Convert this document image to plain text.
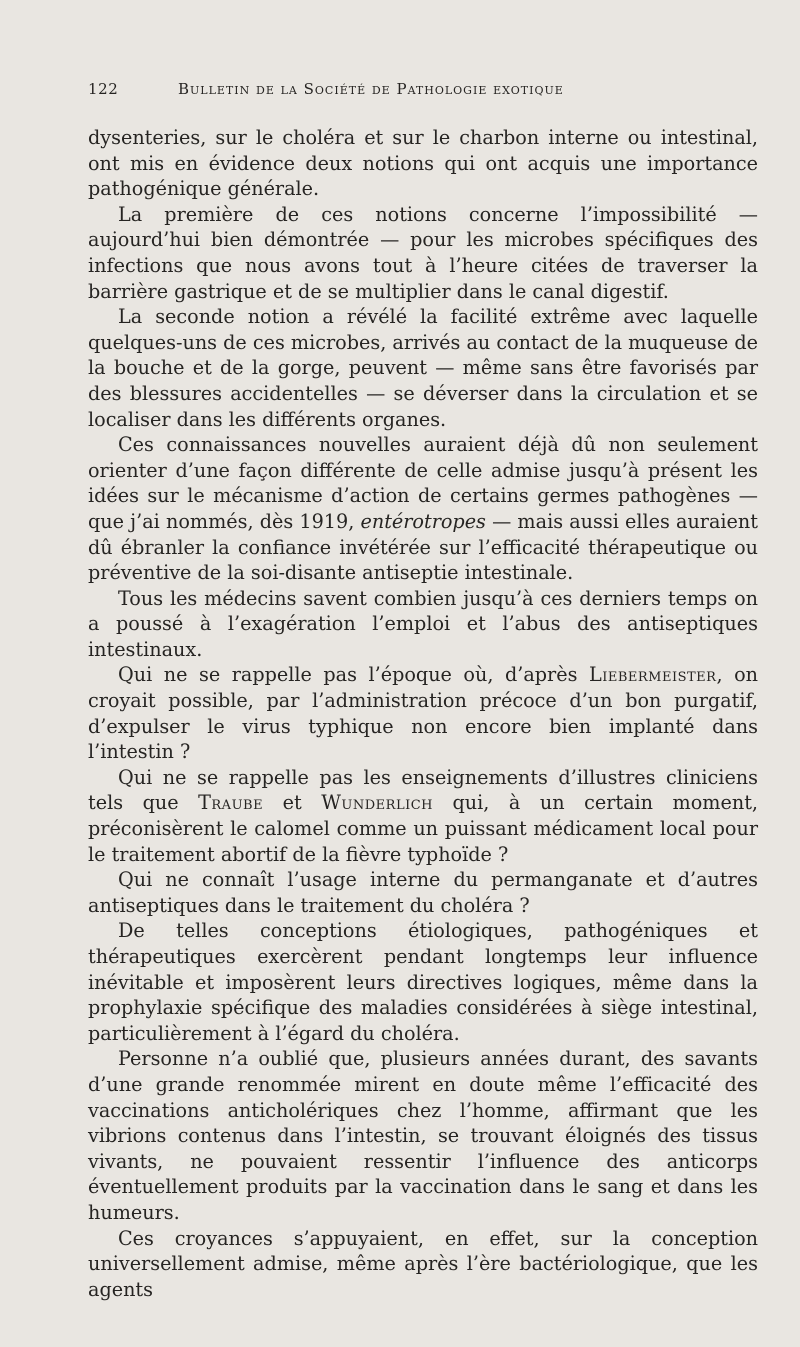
122	Bulletin de la Société de Pathologie exotique

dysenteries, sur le choléra et sur le charbon interne ou intestinal, ont mis en évidence deux notions qui ont acquis une importance pathogénique générale.

La première de ces notions concerne l’impossibilité — aujourd’hui bien démontrée — pour les microbes spécifiques des infections que nous avons tout à l’heure citées de traverser la barrière gastrique et de se multiplier dans le canal digestif.

La seconde notion a révélé la facilité extrême avec laquelle quelques-uns de ces microbes, arrivés au contact de la muqueuse de la bouche et de la gorge, peuvent — même sans être favorisés par des blessures accidentelles — se déverser dans la circulation et se localiser dans les différents organes.

Ces connaissances nouvelles auraient déjà dû non seulement orienter d’une façon différente de celle admise jusqu’à présent les idées sur le mécanisme d’action de certains germes pathogènes — que j’ai nommés, dès 1919, entérotropes — mais aussi elles auraient dû ébranler la confiance invétérée sur l’efficacité thérapeutique ou préventive de la soi-disante antiseptie intestinale.

Tous les médecins savent combien jusqu’à ces derniers temps on a poussé à l’exagération l’emploi et l’abus des antiseptiques intestinaux.

Qui ne se rappelle pas l’époque où, d’après Liebermeister, on croyait possible, par l’administration précoce d’un bon purgatif, d’expulser le virus typhique non encore bien implanté dans l’intestin ?

Qui ne se rappelle pas les enseignements d’illustres cliniciens tels que Traube et Wunderlich qui, à un certain moment, préconisèrent le calomel comme un puissant médicament local pour le traitement abortif de la fièvre typhoïde ?

Qui ne connaît l’usage interne du permanganate et d’autres antiseptiques dans le traitement du choléra ?

De telles conceptions étiologiques, pathogéniques et thérapeutiques exercèrent pendant longtemps leur influence inévitable et imposèrent leurs directives logiques, même dans la prophylaxie spécifique des maladies considérées à siège intestinal, particulièrement à l’égard du choléra.

Personne n’a oublié que, plusieurs années durant, des savants d’une grande renommée mirent en doute même l’efficacité des vaccinations anticholériques chez l’homme, affirmant que les vibrions contenus dans l’intestin, se trouvant éloignés des tissus vivants, ne pouvaient ressentir l’influence des anticorps éventuellement produits par la vaccination dans le sang et dans les humeurs.

Ces croyances s’appuyaient, en effet, sur la conception universellement admise, même après l’ère bactériologique, que les agents
